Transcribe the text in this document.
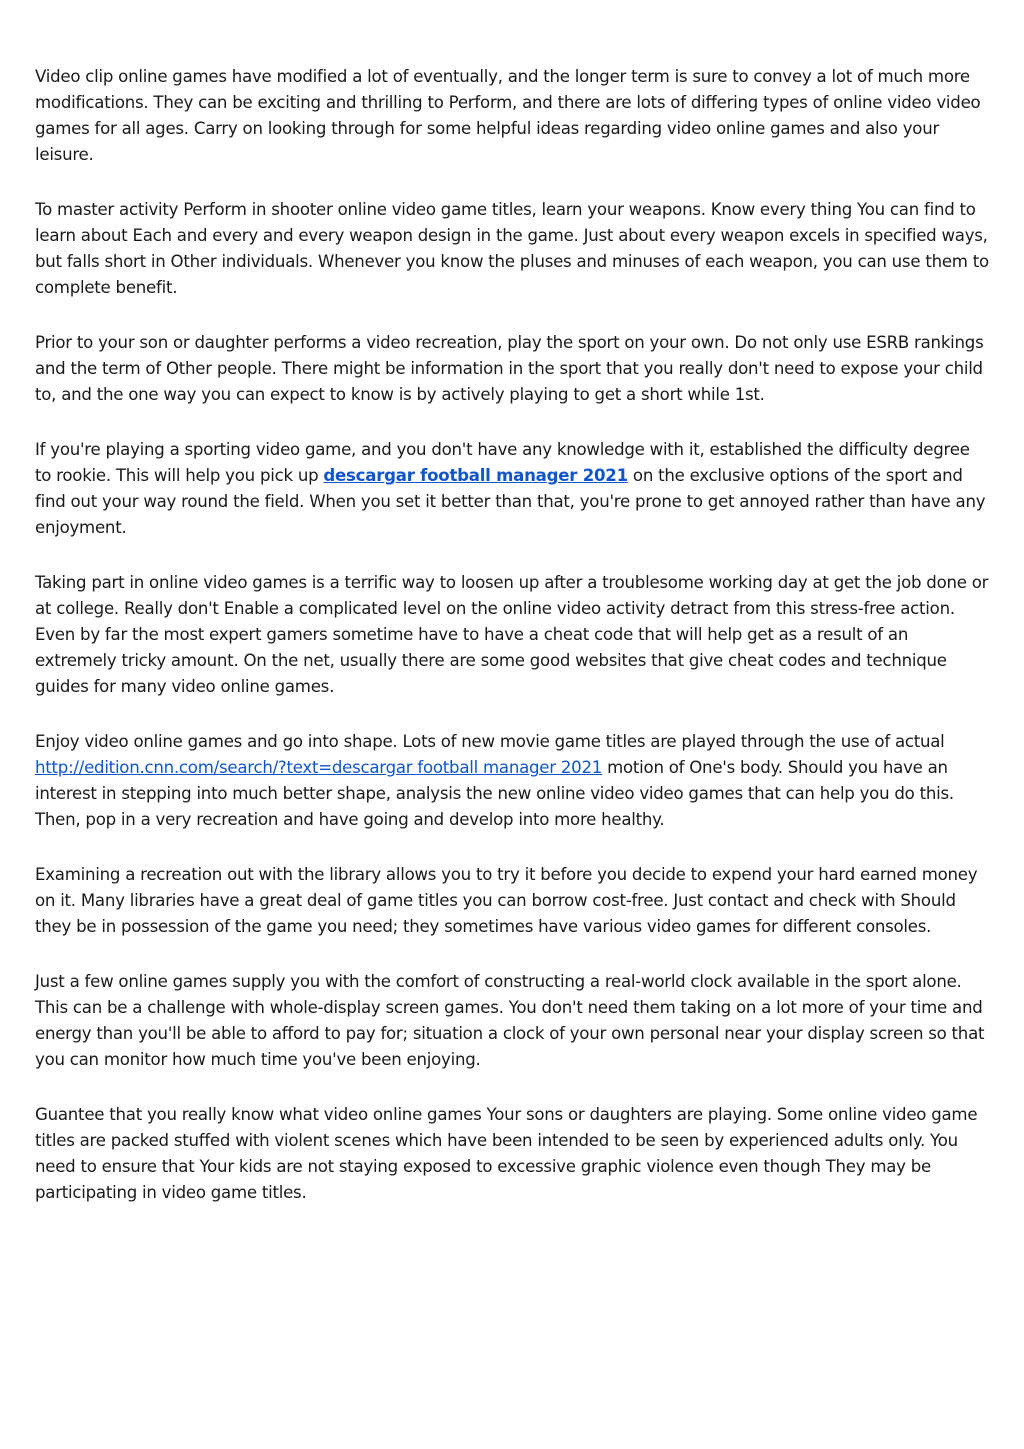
Video clip online games have modified a lot of eventually, and the longer term is sure to convey a lot of much more modifications. They can be exciting and thrilling to Perform, and there are lots of differing types of online video video games for all ages. Carry on looking through for some helpful ideas regarding video online games and also your leisure.

To master activity Perform in shooter online video game titles, learn your weapons. Know every thing You can find to learn about Each and every and every weapon design in the game. Just about every weapon excels in specified ways, but falls short in Other individuals. Whenever you know the pluses and minuses of each weapon, you can use them to complete benefit.

Prior to your son or daughter performs a video recreation, play the sport on your own. Do not only use ESRB rankings and the term of Other people. There might be information in the sport that you really don't need to expose your child to, and the one way you can expect to know is by actively playing to get a short while 1st.

If you're playing a sporting video game, and you don't have any knowledge with it, established the difficulty degree to rookie. This will help you pick up descargar football manager 2021 on the exclusive options of the sport and find out your way round the field. When you set it better than that, you're prone to get annoyed rather than have any enjoyment.

Taking part in online video games is a terrific way to loosen up after a troublesome working day at get the job done or at college. Really don't Enable a complicated level on the online video activity detract from this stress-free action. Even by far the most expert gamers sometime have to have a cheat code that will help get as a result of an extremely tricky amount. On the net, usually there are some good websites that give cheat codes and technique guides for many video online games.

Enjoy video online games and go into shape. Lots of new movie game titles are played through the use of actual http://edition.cnn.com/search/?text=descargar football manager 2021 motion of One's body. Should you have an interest in stepping into much better shape, analysis the new online video video games that can help you do this. Then, pop in a very recreation and have going and develop into more healthy.

Examining a recreation out with the library allows you to try it before you decide to expend your hard earned money on it. Many libraries have a great deal of game titles you can borrow cost-free. Just contact and check with Should they be in possession of the game you need; they sometimes have various video games for different consoles.

Just a few online games supply you with the comfort of constructing a real-world clock available in the sport alone. This can be a challenge with whole-display screen games. You don't need them taking on a lot more of your time and energy than you'll be able to afford to pay for; situation a clock of your own personal near your display screen so that you can monitor how much time you've been enjoying.

Guantee that you really know what video online games Your sons or daughters are playing. Some online video game titles are packed stuffed with violent scenes which have been intended to be seen by experienced adults only. You need to ensure that Your kids are not staying exposed to excessive graphic violence even though They may be participating in video game titles.
